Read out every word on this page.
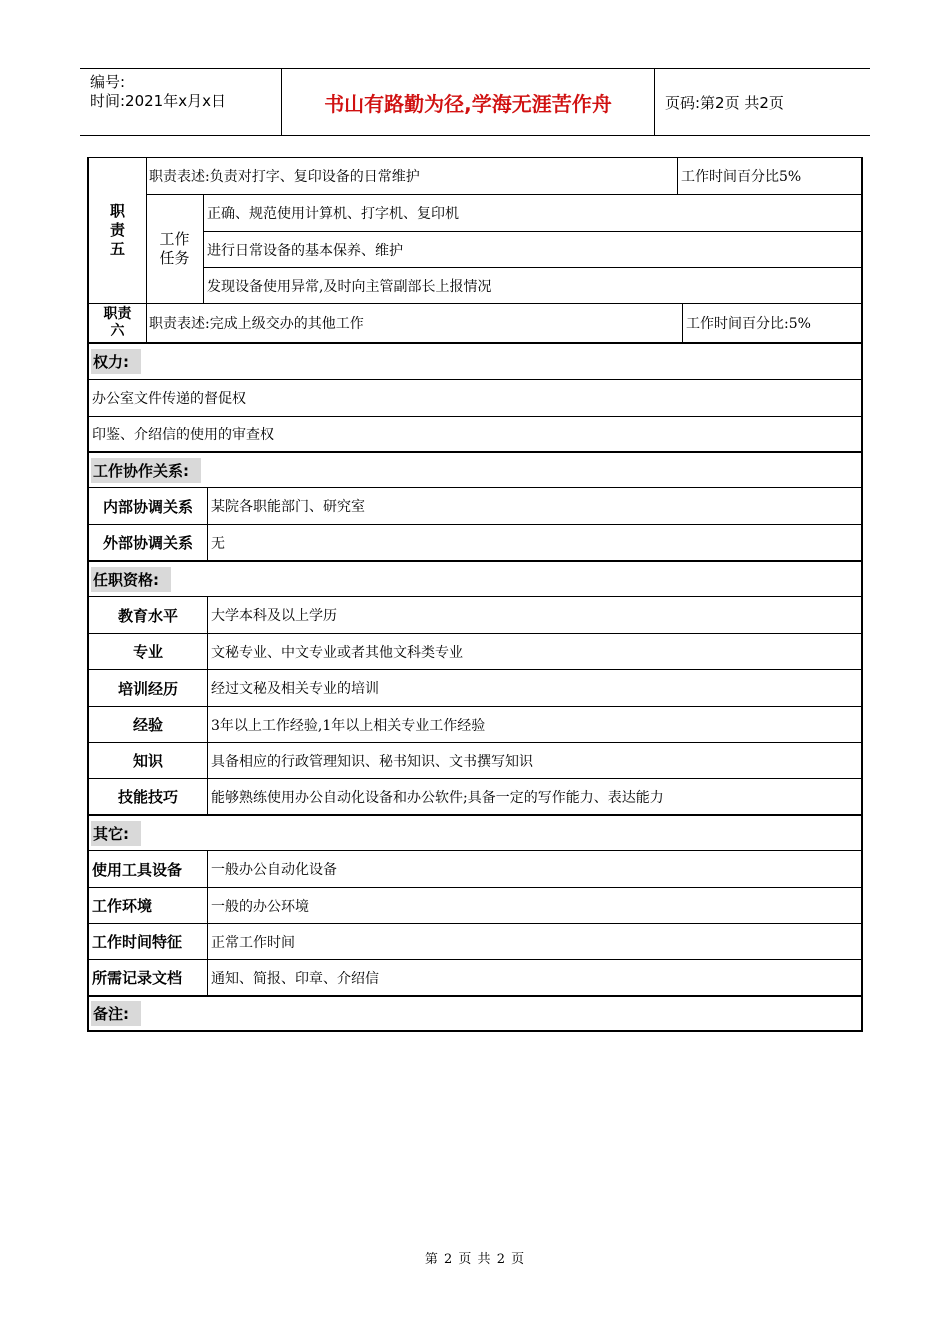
编号:
时间:2021年x月x日	书山有路勤为径,学海无涯苦作舟	页码:第2页 共2页
职责五
职责表述:负责对打字、复印设备的日常维护	工作时间百分比5%
工作任务
正确、规范使用计算机、打字机、复印机
进行日常设备的基本保养、维护
发现设备使用异常,及时向主管副部长上报情况
职责六	职责表述:完成上级交办的其他工作	工作时间百分比:5%
权力:
办公室文件传递的督促权
印鉴、介绍信的使用的审查权
工作协作关系:
内部协调关系	某院各职能部门、研究室
外部协调关系	无
任职资格:
教育水平	大学本科及以上学历
专业	文秘专业、中文专业或者其他文科类专业
培训经历	经过文秘及相关专业的培训
经验	3年以上工作经验,1年以上相关专业工作经验
知识	具备相应的行政管理知识、秘书知识、文书撰写知识
技能技巧	能够熟练使用办公自动化设备和办公软件;具备一定的写作能力、表达能力
其它:
使用工具设备	一般办公自动化设备
工作环境	一般的办公环境
工作时间特征	正常工作时间
所需记录文档	通知、简报、印章、介绍信
备注:
第 2 页 共 2 页
